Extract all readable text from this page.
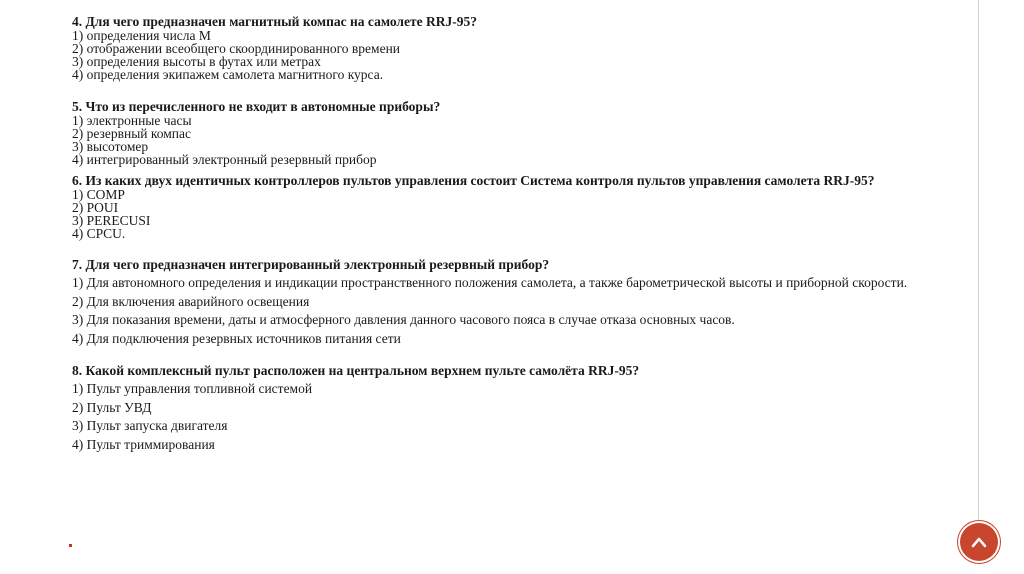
4. Для чего предназначен магнитный компас на самолете RRJ-95?
1) определения числа М
2) отображении всеобщего скоординированного времени
3) определения высоты в футах или метрах
4) определения экипажем самолета магнитного курса.
5. Что из перечисленного не входит в автономные приборы?
1) электронные часы
2) резервный компас
3) высотомер
4) интегрированный электронный резервный прибор
6. Из каких двух идентичных контроллеров пультов управления состоит Система контроля пультов управления самолета RRJ-95?
1) COMP
2) POUI
3) PERECUSI
4) CPCU.
7. Для чего предназначен интегрированный электронный резервный прибор?
1) Для автономного определения и индикации пространственного положения самолета, а также барометрической высоты и приборной скорости.
2) Для включения аварийного освещения
3) Для показания времени, даты и атмосферного давления данного часового пояса в случае отказа основных часов.
4) Для подключения резервных источников питания сети
8. Какой комплексный пульт расположен на центральном верхнем пульте самолёта RRJ-95?
1) Пульт управления топливной системой
2) Пульт УВД
3) Пульт запуска двигателя
4) Пульт триммирования
